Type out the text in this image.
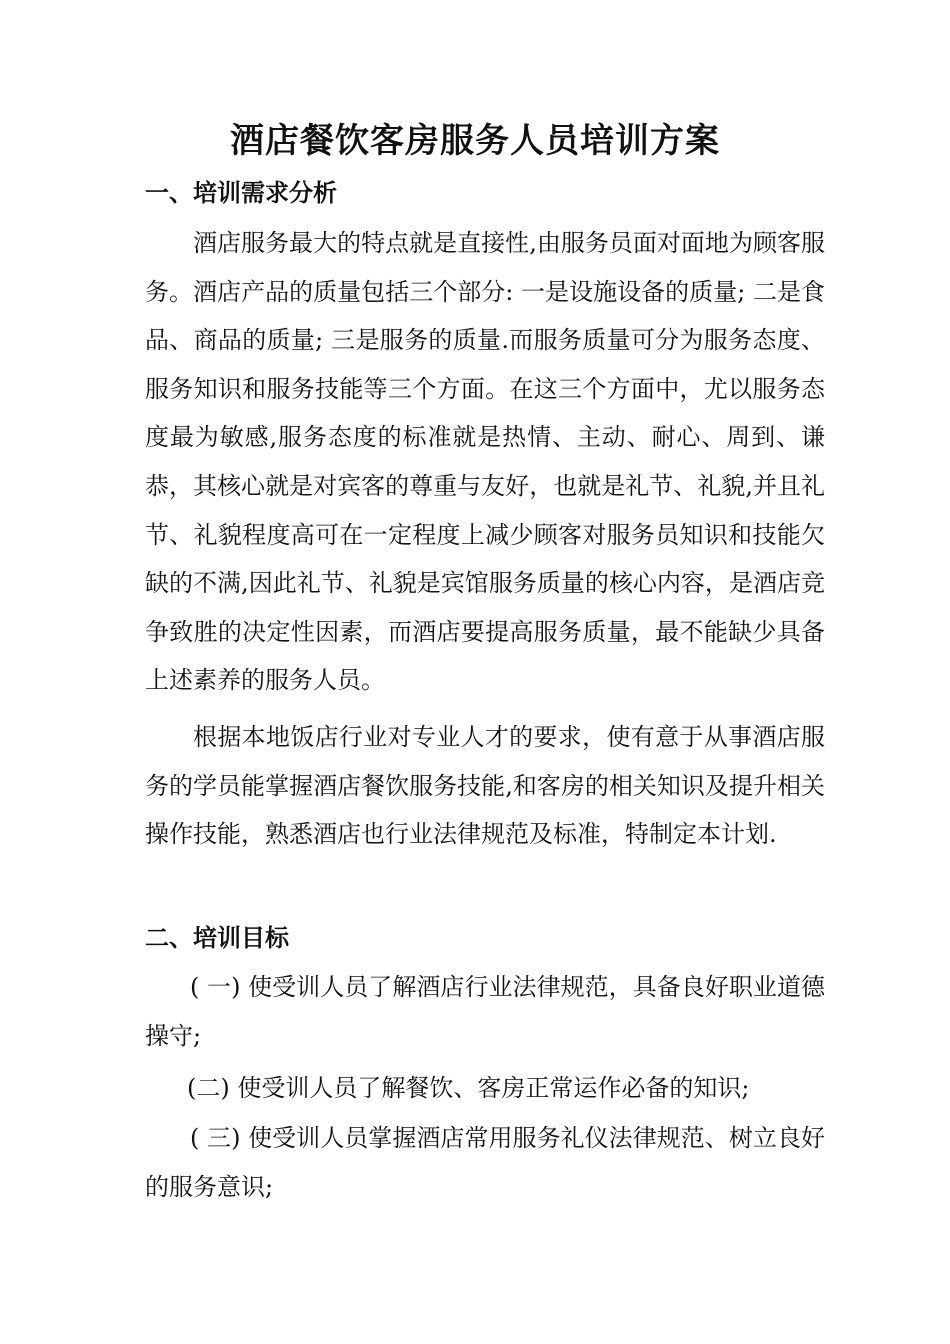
酒店餐饮客房服务人员培训方案
一、培训需求分析

酒店服务最大的特点就是直接性,由服务员面对面地为顾客服务。酒店产品的质量包括三个部分: 一是设施设备的质量; 二是食品、商品的质量; 三是服务的质量.而服务质量可分为服务态度、服务知识和服务技能等三个方面。在这三个方面中，尤以服务态度最为敏感,服务态度的标准就是热情、主动、耐心、周到、谦恭，其核心就是对宾客的尊重与友好，也就是礼节、礼貌,并且礼节、礼貌程度高可在一定程度上减少顾客对服务员知识和技能欠缺的不满,因此礼节、礼貌是宾馆服务质量的核心内容，是酒店竞争致胜的决定性因素，而酒店要提高服务质量，最不能缺少具备上述素养的服务人员。

根据本地饭店行业对专业人才的要求，使有意于从事酒店服务的学员能掌握酒店餐饮服务技能,和客房的相关知识及提升相关操作技能，熟悉酒店也行业法律规范及标准，特制定本计划.

二、培训目标

( 一) 使受训人员了解酒店行业法律规范，具备良好职业道德操守;

(二) 使受训人员了解餐饮、客房正常运作必备的知识;

( 三) 使受训人员掌握酒店常用服务礼仪法律规范、树立良好的服务意识;
